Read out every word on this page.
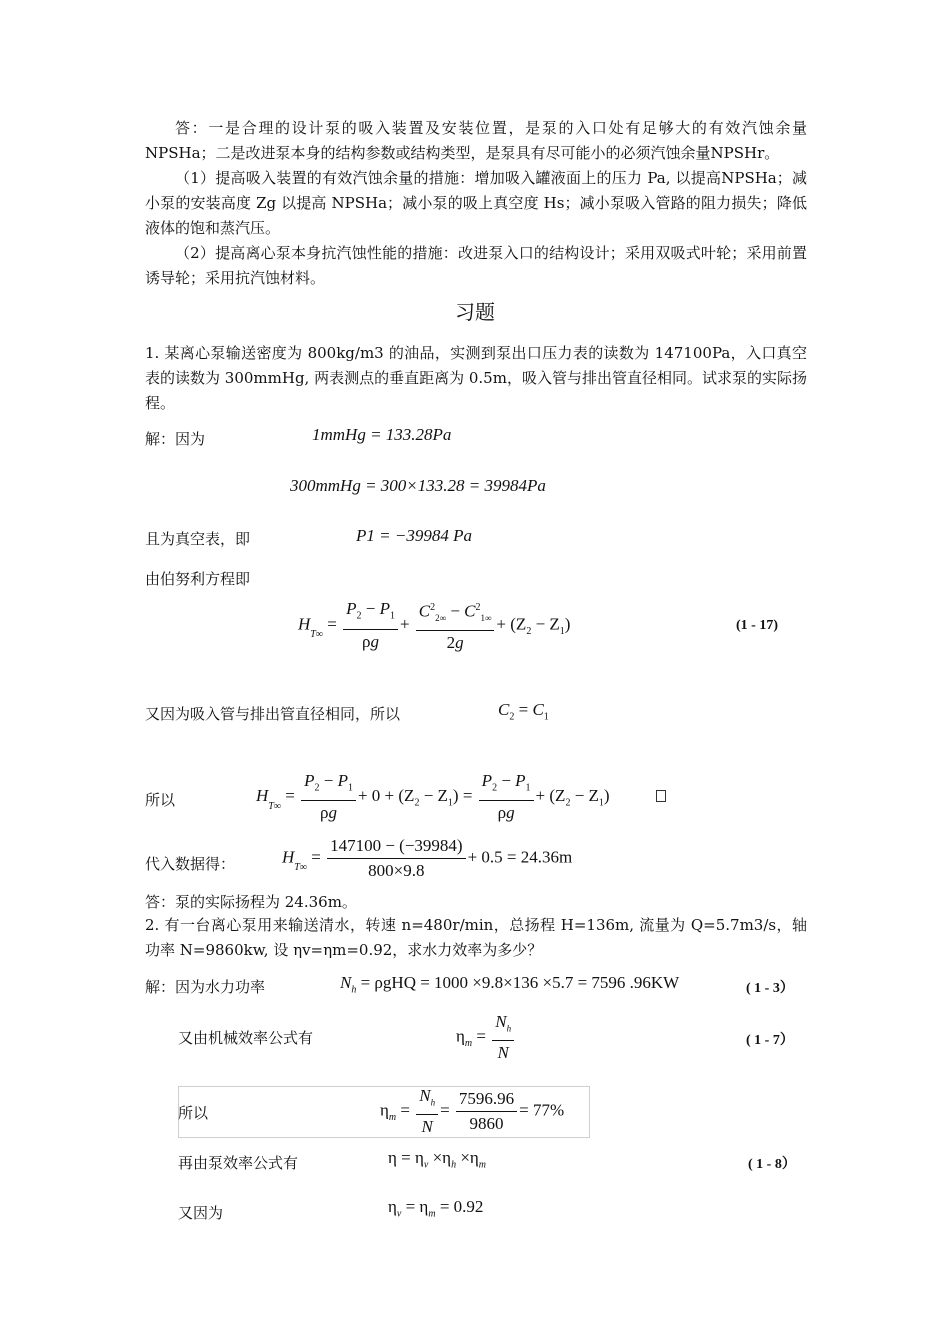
答：一是合理的设计泵的吸入装置及安装位置，是泵的入口处有足够大的有效汽蚀余量NPSHa；二是改进泵本身的结构参数或结构类型，是泵具有尽可能小的必须汽蚀余量NPSHr。
（1）提高吸入装置的有效汽蚀余量的措施：增加吸入罐液面上的压力 Pa, 以提高NPSHa；减小泵的安装高度 Zg 以提高 NPSHa；减小泵的吸上真空度 Hs；减小泵吸入管路的阻力损失；降低液体的饱和蒸汽压。
（2）提高离心泵本身抗汽蚀性能的措施：改进泵入口的结构设计；采用双吸式叶轮；采用前置诱导轮；采用抗汽蚀材料。
习题
1. 某离心泵输送密度为 800kg/m3 的油品，实测到泵出口压力表的读数为 147100Pa，入口真空表的读数为 300mmHg, 两表测点的垂直距离为 0.5m，吸入管与排出管直径相同。试求泵的实际扬程。
解：因为	1mmHg = 133.28Pa
300mmHg = 300×133.28 = 39984Pa
且为真空表，即	P1 = −39984 Pa
由伯努利方程即
$H_{T\infty} = \frac{P_2 - P_1}{\rho g} + \frac{C^2_{2\infty} - C^2_{1\infty}}{2g} + (Z_2 - Z_1)$	(1 - 17)
又因为吸入管与排出管直径相同，所以	$C_2 = C_1$
所以	$H_{T\infty} = \frac{P_2 - P_1}{\rho g} + 0 + (Z_2 - Z_1) = \frac{P_2 - P_1}{\rho g} + (Z_2 - Z_1)$
代入数据得：	$H_{T\infty} = \frac{147100 - (-39984)}{800\times 9.8} + 0.5 = 24.36m$
答：泵的实际扬程为 24.36m。
2. 有一台离心泵用来输送清水，转速 n=480r/min，总扬程 H=136m, 流量为 Q=5.7m3/s，轴功率 N=9860kw, 设 ηv=ηm=0.92，求水力效率为多少？
解：因为水力功率	$N_h = \rho gHQ = 1000 \times 9.8\times 136 \times 5.7 = 7596$ .96KW	( 1 - 3）
又由机械效率公式有	$\eta_m = \frac{N_h}{N}$	( 1 - 7）
所以	$\eta_m = \frac{N_h}{N} = \frac{7596.96}{9860} = 77\%$
再由泵效率公式有	$\eta = \eta_v \times\eta_h \times\eta_m$	( 1 - 8）
又因为	$\eta_v = \eta_m = 0.92$
